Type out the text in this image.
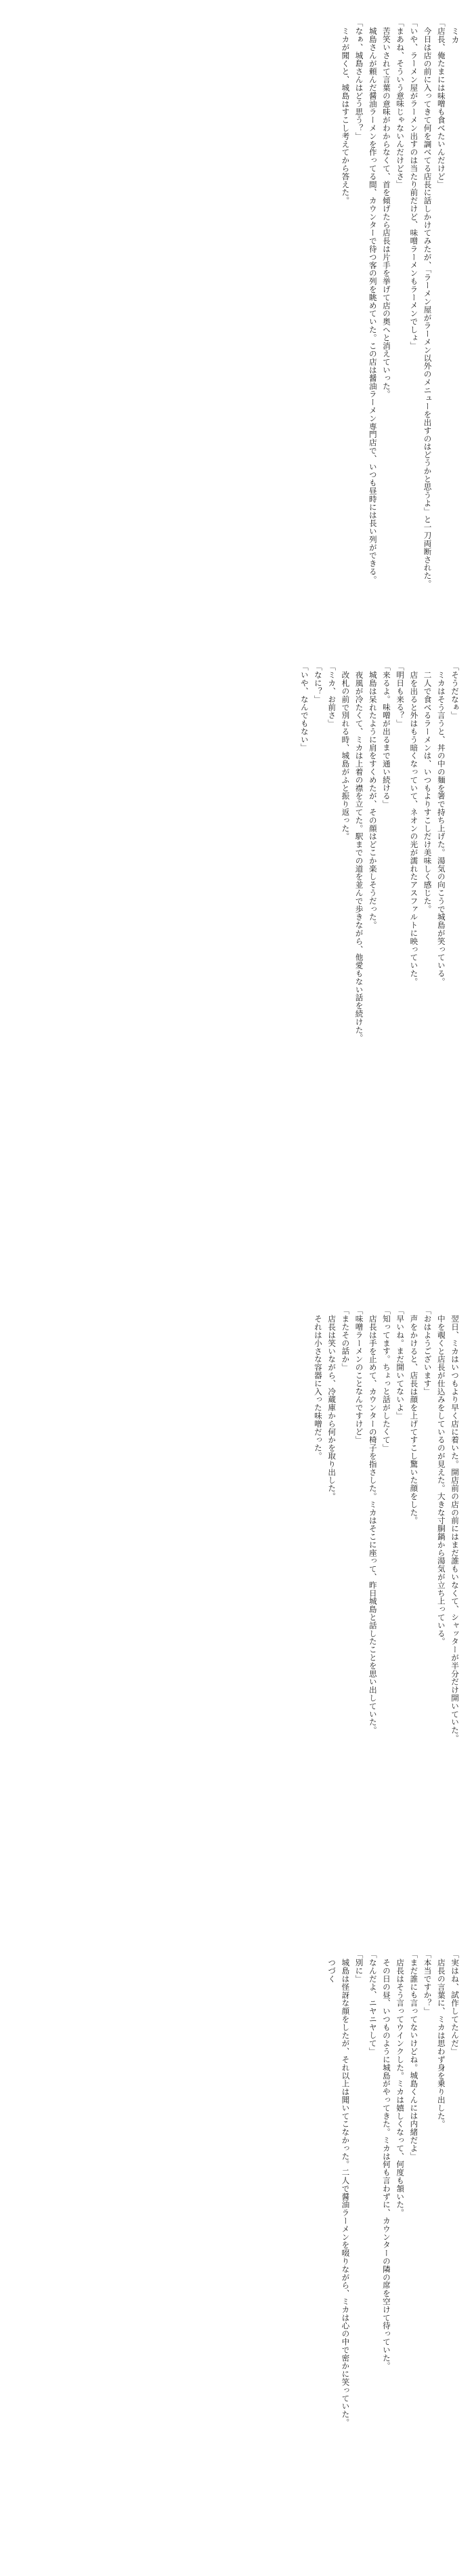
ミカ

「店長、俺たまには味噌も食べたいんだけど」

今日は店の前に入ってきて何を調べてる店長に話しかけてみたが、「ラーメン屋がラーメン以外のメニューを出すのはどうかと思うよ」と一刀両断された。

「いや、ラーメン屋がラーメン出すのは当たり前だけど、味噌ラーメンもラーメンでしょ」

「まあね、そういう意味じゃないんだけどさ」

苦笑いされて言葉の意味がわからなくて、首を傾げたら店長は片手を挙げて店の奥へと消えていった。

城島さんが頼んだ醤油ラーメンを作ってる間、カウンターで待つ客の列を眺めていた。この店は醤油ラーメン専門店で、いつも昼時には長い列ができる。

「なぁ、城島さんはどう思う？」

ミカが聞くと、城島はすこし考えてから答えた。

「そうだなぁ」

ミカはそう言うと、丼の中の麺を箸で持ち上げた。湯気の向こうで城島が笑っている。

二人で食べるラーメンは、いつもよりすこしだけ美味しく感じた。

店を出ると外はもう暗くなっていて、ネオンの光が濡れたアスファルトに映っていた。

「明日も来る？」

「来るよ。味噌が出るまで通い続ける」

城島は呆れたように肩をすくめたが、その顔はどこか楽しそうだった。

夜風が冷たくて、ミカは上着の襟を立てた。駅までの道を並んで歩きながら、他愛もない話を続けた。

改札の前で別れる時、城島がふと振り返った。

「ミカ、お前さ」

「なに？」

「いや、なんでもない」

翌日、ミカはいつもより早く店に着いた。開店前の店の前にはまだ誰もいなくて、シャッターが半分だけ開いていた。

中を覗くと店長が仕込みをしているのが見えた。大きな寸胴鍋から湯気が立ち上っている。

「おはようございます」

声をかけると、店長は顔を上げてすこし驚いた顔をした。

「早いね。まだ開いてないよ」

「知ってます。ちょっと話がしたくて」

店長は手を止めて、カウンターの椅子を指さした。ミカはそこに座って、昨日城島と話したことを思い出していた。

「味噌ラーメンのことなんですけど」

「またその話か」

店長は笑いながら、冷蔵庫から何かを取り出した。

それは小さな容器に入った味噌だった。

「実はね、試作してたんだ」

店長の言葉に、ミカは思わず身を乗り出した。

「本当ですか？」

「まだ誰にも言ってないけどね。城島くんには内緒だよ」

店長はそう言ってウインクした。ミカは嬉しくなって、何度も頷いた。

その日の昼、いつものように城島がやってきた。ミカは何も言わずに、カウンターの隣の席を空けて待っていた。

「なんだよ、ニヤニヤして」

「別に」

城島は怪訝な顔をしたが、それ以上は聞いてこなかった。二人で醤油ラーメンを啜りながら、ミカは心の中で密かに笑っていた。

つづく
